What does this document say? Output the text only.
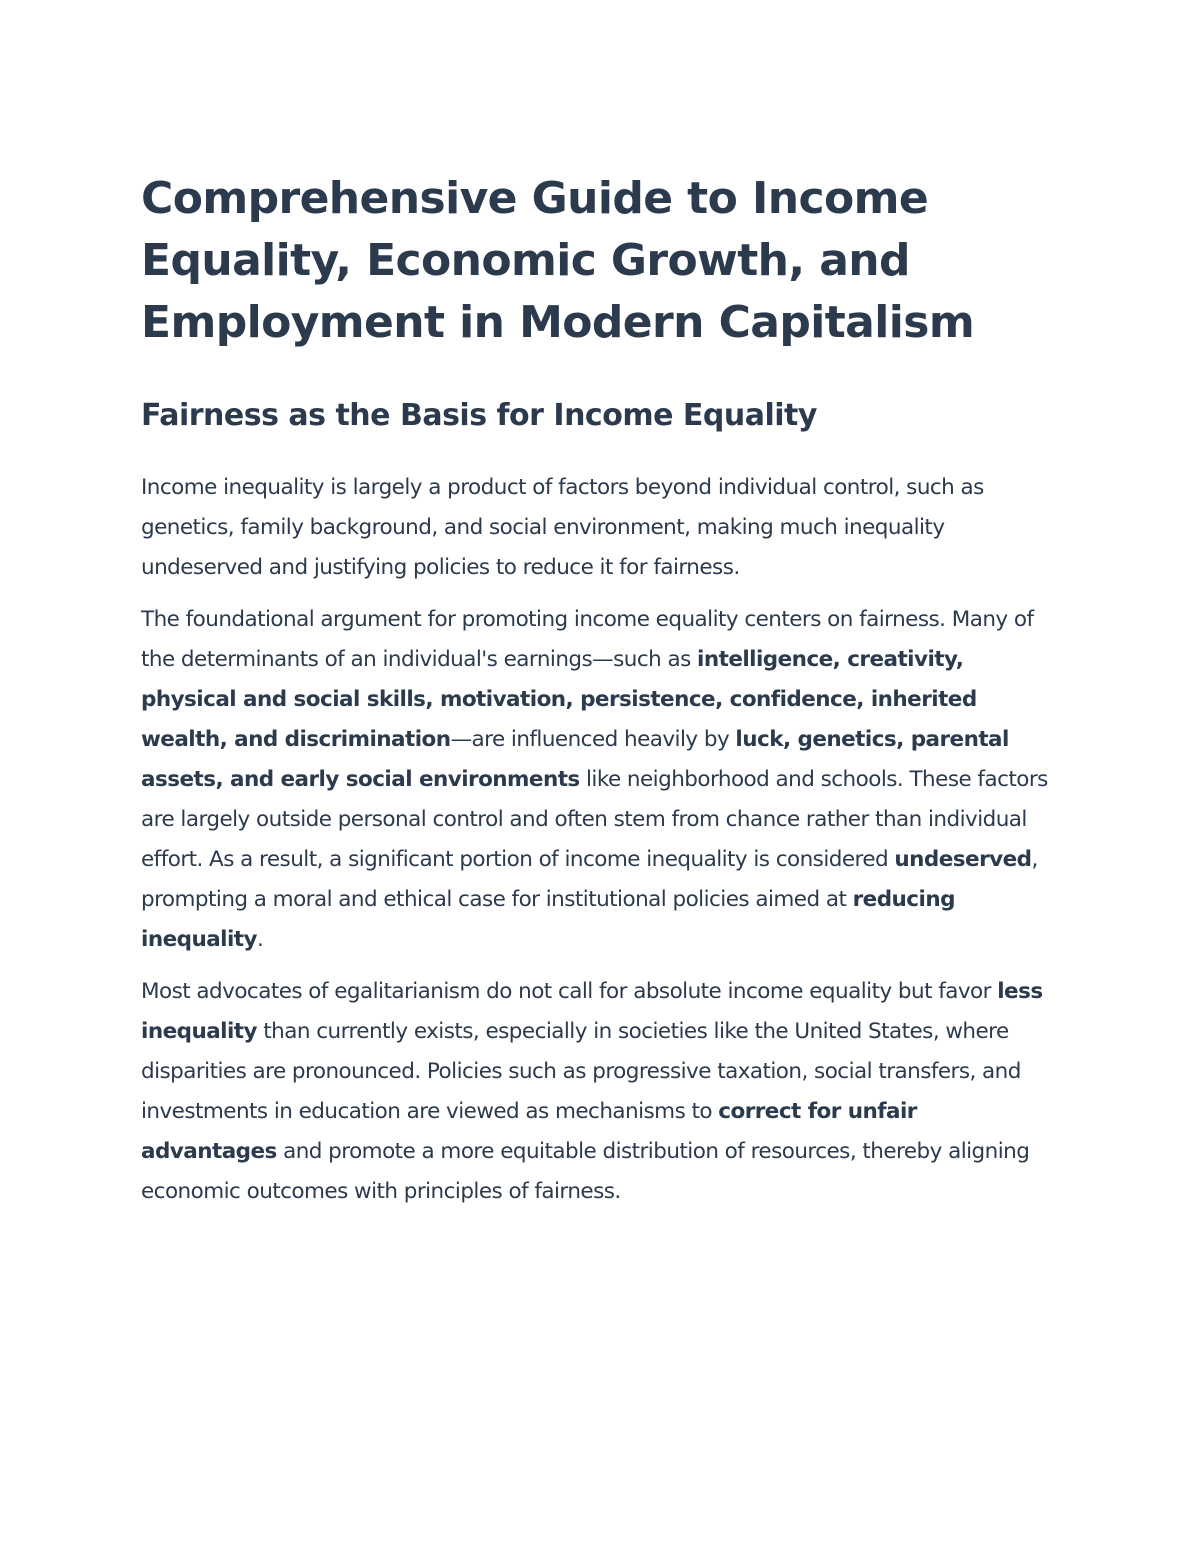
Comprehensive Guide to Income Equality, Economic Growth, and Employment in Modern Capitalism
Fairness as the Basis for Income Equality

Income inequality is largely a product of factors beyond individual control, such as genetics, family background, and social environment, making much inequality undeserved and justifying policies to reduce it for fairness.

The foundational argument for promoting income equality centers on fairness. Many of the determinants of an individual's earnings—such as intelligence, creativity, physical and social skills, motivation, persistence, confidence, inherited wealth, and discrimination—are influenced heavily by luck, genetics, parental assets, and early social environments like neighborhood and schools. These factors are largely outside personal control and often stem from chance rather than individual effort. As a result, a significant portion of income inequality is considered undeserved, prompting a moral and ethical case for institutional policies aimed at reducing inequality.

Most advocates of egalitarianism do not call for absolute income equality but favor less inequality than currently exists, especially in societies like the United States, where disparities are pronounced. Policies such as progressive taxation, social transfers, and investments in education are viewed as mechanisms to correct for unfair advantages and promote a more equitable distribution of resources, thereby aligning economic outcomes with principles of fairness.
